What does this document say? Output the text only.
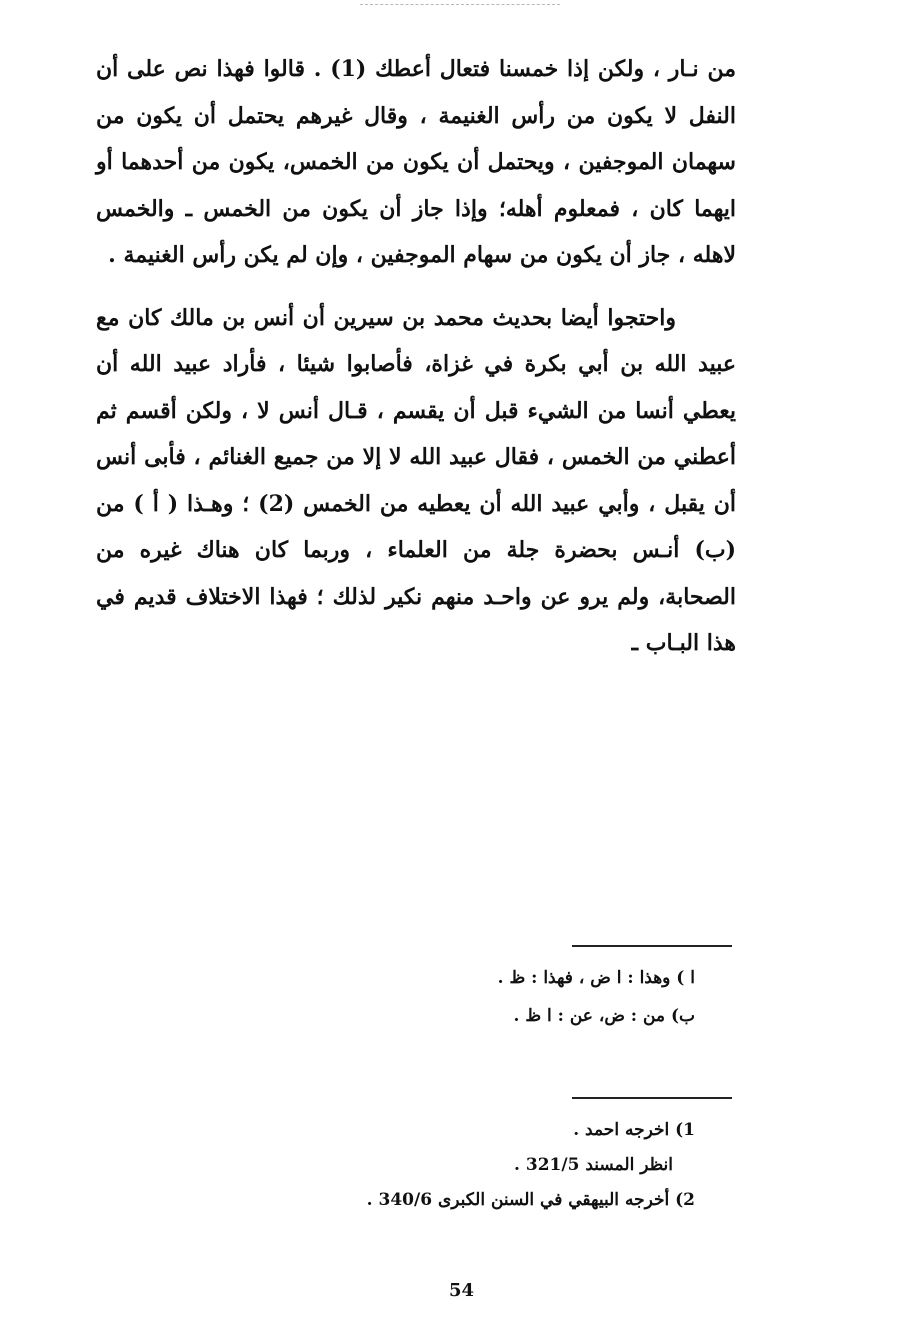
من نـار ، ولكن إذا خمسنا فتعال أعطك (1) . قالوا فهذا نص على أن النفل لا يكون من رأس الغنيمة ، وقال غيرهم يحتمل أن يكون من سهمان الموجفين ، ويحتمل أن يكون من الخمس، يكون من أحدهما أو ايهما كان ، فمعلوم أهله؛ وإذا جاز أن يكون من الخمس ـ والخمس لاهله ، جاز أن يكون من سهام الموجفين ، وإن لم يكن رأس الغنيمة .

واحتجوا أيضا بحديث محمد بن سيرين أن أنس بن مالك كان مع عبيد الله بن أبي بكرة في غزاة، فأصابوا شيئا ، فأراد عبيد الله أن يعطي أنسا من الشيء قبل أن يقسم ، قـال أنس لا ، ولكن أقسم ثم أعطني من الخمس ، فقال عبيد الله لا إلا من جميع الغنائم ، فأبى أنس أن يقبل ، وأبي عبيد الله أن يعطيه من الخمس (2) ؛ وهـذا ( أ ) من (ب) أنـس بحضرة جلة من العلماء ، وربما كان هناك غيره من الصحابة، ولم يرو عن واحـد منهم نكير لذلك ؛ فهذا الاختلاف قديم في هذا البـاب ـ

ا ) وهذا : ا ض ، فهذا : ظ .
ب) من : ض، عن : ا ظ .
1) اخرجه احمد .
انظر المسند 321/5 .
2) أخرجه البيهقي في السنن الكبرى 340/6 .
54
